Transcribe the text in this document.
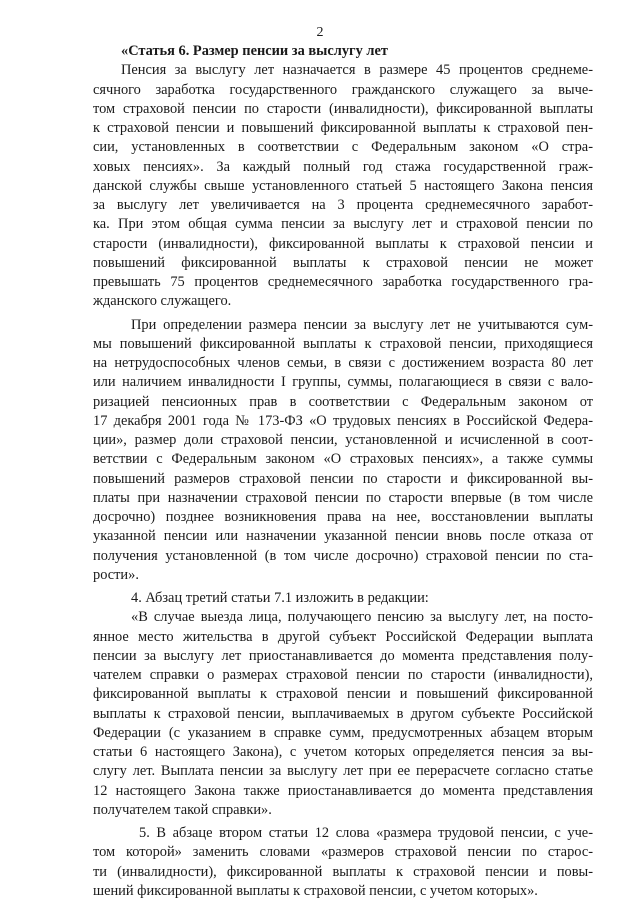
2
«Статья 6. Размер пенсии за выслугу лет
Пенсия за выслугу лет назначается в размере 45 процентов среднеме-
сячного заработка государственного гражданского служащего за выче-
том страховой пенсии по старости (инвалидности), фиксированной выплаты
к страховой пенсии и повышений фиксированной выплаты к страховой пен-
сии, установленных в соответствии с Федеральным законом «О стра-
ховых пенсиях». За каждый полный год стажа государственной граж-
данской службы свыше установленного статьей 5 настоящего Закона пенсия
за выслугу лет увеличивается на 3 процента среднемесячного заработ-
ка. При этом общая сумма пенсии за выслугу лет и страховой пенсии по
старости (инвалидности), фиксированной выплаты к страховой пенсии и
повышений фиксированной выплаты к страховой пенсии не может
превышать 75 процентов среднемесячного заработка государственного гра-
жданского служащего.
При определении размера пенсии за выслугу лет не учитываются сум-
мы повышений фиксированной выплаты к страховой пенсии, приходящиеся
на нетрудоспособных членов семьи, в связи с достижением возраста 80 лет
или наличием инвалидности I группы, суммы, полагающиеся в связи с вало-
ризацией пенсионных прав в соответствии с Федеральным законом от
17 декабря 2001 года № 173-ФЗ «О трудовых пенсиях в Российской Федера-
ции», размер доли страховой пенсии, установленной и исчисленной в соот-
ветствии с Федеральным законом «О страховых пенсиях», а также суммы
повышений размеров страховой пенсии по старости и фиксированной вы-
платы при назначении страховой пенсии по старости впервые (в том числе
досрочно) позднее возникновения права на нее, восстановлении выплаты
указанной пенсии или назначении указанной пенсии вновь после отказа от
получения установленной (в том числе досрочно) страховой пенсии по ста-
рости».
4. Абзац третий статьи 7.1 изложить в редакции:
«В случае выезда лица, получающего пенсию за выслугу лет, на посто-
янное место жительства в другой субъект Российской Федерации выплата
пенсии за выслугу лет приостанавливается до момента представления полу-
чателем справки о размерах страховой пенсии по старости (инвалидности),
фиксированной выплаты к страховой пенсии и повышений фиксированной
выплаты к страховой пенсии, выплачиваемых в другом субъекте Российской
Федерации (с указанием в справке сумм, предусмотренных абзацем вторым
статьи 6 настоящего Закона), с учетом которых определяется пенсия за вы-
слугу лет. Выплата пенсии за выслугу лет при ее перерасчете согласно статье
12 настоящего Закона также приостанавливается до момента представления
получателем такой справки».
5. В абзаце втором статьи 12 слова «размера трудовой пенсии, с уче-
том которой» заменить словами «размеров страховой пенсии по старос-
ти (инвалидности), фиксированной выплаты к страховой пенсии и повы-
шений фиксированной выплаты к страховой пенсии, с учетом которых».
